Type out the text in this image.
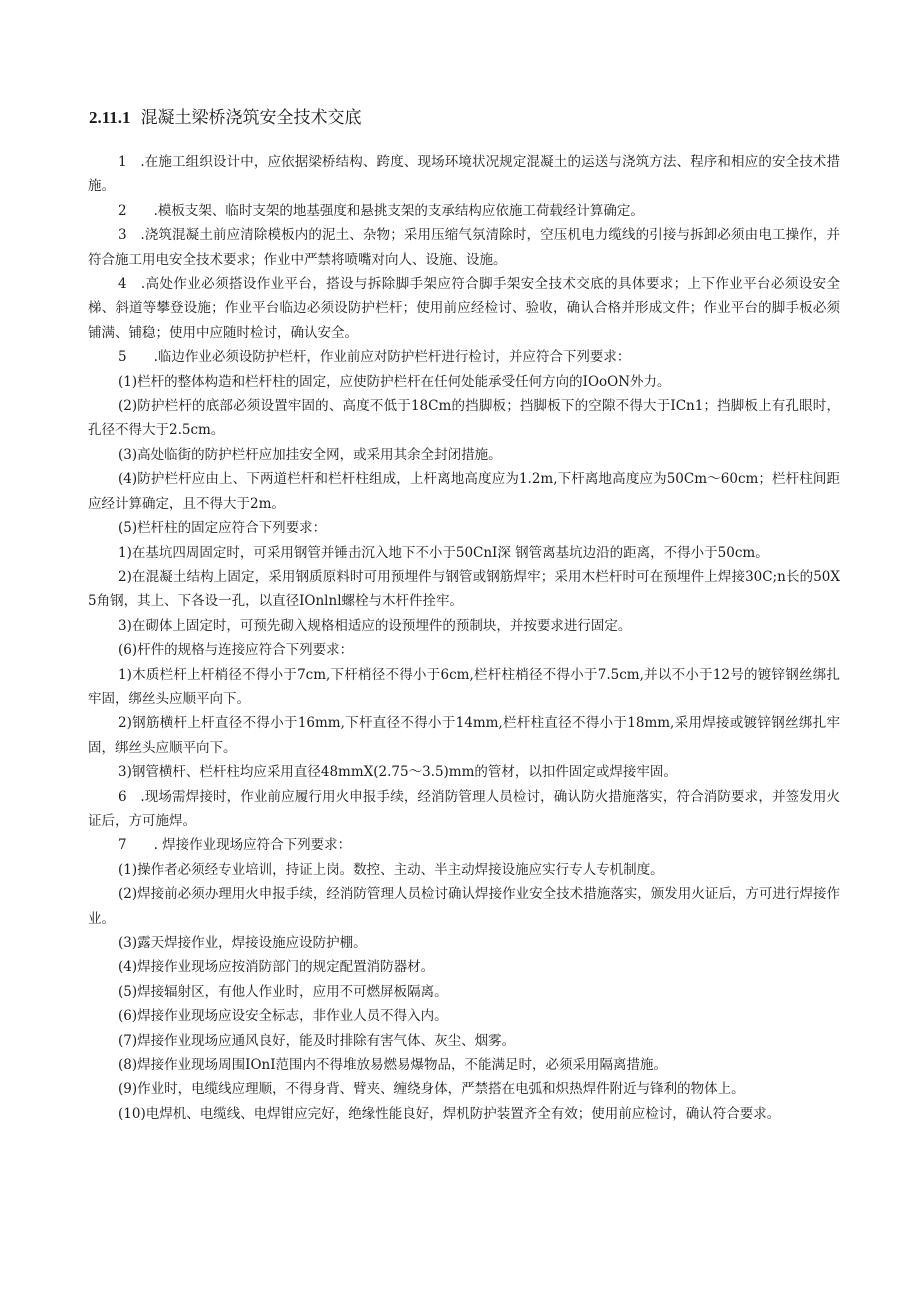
2.11.1 混凝土梁桥浇筑安全技术交底

1　.在施工组织设计中，应依据梁桥结构、跨度、现场环境状况规定混凝土的运送与浇筑方法、程序和相应的安全技术措施。

2　　.模板支架、临时支架的地基强度和悬挑支架的支承结构应依施工荷载经计算确定。

3　.浇筑混凝土前应清除模板内的泥土、杂物；采用压缩气氛清除时，空压机电力缆线的引接与拆卸必须由电工操作，并符合施工用电安全技术要求；作业中严禁将喷嘴对向人、设施、设施。

4　.高处作业必须搭设作业平台，搭设与拆除脚手架应符合脚手架安全技术交底的具体要求；上下作业平台必须设安全梯、斜道等攀登设施；作业平台临边必须设防护栏杆；使用前应经检讨、验收，确认合格并形成文件；作业平台的脚手板必须铺满、铺稳；使用中应随时检讨，确认安全。

5　　.临边作业必须设防护栏杆，作业前应对防护栏杆进行检讨，并应符合下列要求：

(1)栏杆的整体构造和栏杆柱的固定，应使防护栏杆在任何处能承受任何方向的IOoON外力。

(2)防护栏杆的底部必须设置牢固的、高度不低于18Cm的挡脚板；挡脚板下的空隙不得大于ICn1；挡脚板上有孔眼时，孔径不得大于2.5cm。

(3)高处临街的防护栏杆应加挂安全网，或采用其余全封闭措施。

(4)防护栏杆应由上、下两道栏杆和栏杆柱组成，上杆离地高度应为1.2m,下杆离地高度应为50Cm～60cm；栏杆柱间距应经计算确定，且不得大于2m。

(5)栏杆柱的固定应符合下列要求：

1)在基坑四周固定时，可采用钢管并锤击沉入地下不小于50CnI深 钢管离基坑边沿的距离，不得小于50cm。

2)在混凝土结构上固定，采用钢质原料时可用预埋件与钢管或钢筋焊牢；采用木栏杆时可在预埋件上焊接30C;n长的50X5角钢，其上、下各设一孔，以直径IOnlnl螺栓与木杆件拴牢。

3)在砌体上固定时，可预先砌入规格相适应的设预埋件的预制块，并按要求进行固定。

(6)杆件的规格与连接应符合下列要求：

1)木质栏杆上杆梢径不得小于7cm,下杆梢径不得小于6cm,栏杆柱梢径不得小于7.5cm,并以不小于12号的镀锌钢丝绑扎牢固，绑丝头应顺平向下。

2)钢筋横杆上杆直径不得小于16mm,下杆直径不得小于14mm,栏杆柱直径不得小于18mm,采用焊接或镀锌钢丝绑扎牢固，绑丝头应顺平向下。

3)钢管横杆、栏杆柱均应采用直径48mmX(2.75～3.5)mm的管材，以扣件固定或焊接牢固。

6　.现场需焊接时，作业前应履行用火申报手续，经消防管理人员检讨，确认防火措施落实，符合消防要求，并签发用火证后，方可施焊。

7　　. 焊接作业现场应符合下列要求：

(1)操作者必须经专业培训，持证上岗。数控、主动、半主动焊接设施应实行专人专机制度。

(2)焊接前必须办理用火申报手续，经消防管理人员检讨确认焊接作业安全技术措施落实，颁发用火证后，方可进行焊接作业。

(3)露天焊接作业，焊接设施应设防护棚。

(4)焊接作业现场应按消防部门的规定配置消防器材。

(5)焊接辐射区，有他人作业时，应用不可燃屏板隔离。

(6)焊接作业现场应设安全标志，非作业人员不得入内。

(7)焊接作业现场应通风良好，能及时排除有害气体、灰尘、烟雾。

(8)焊接作业现场周围IOnI范围内不得堆放易燃易爆物品，不能满足时，必须采用隔离措施。

(9)作业时，电缆线应理顺，不得身背、臂夹、缠绕身体，严禁搭在电弧和炽热焊件附近与锋利的物体上。

(10)电焊机、电缆线、电焊钳应完好，绝缘性能良好，焊机防护装置齐全有效；使用前应检讨，确认符合要求。
